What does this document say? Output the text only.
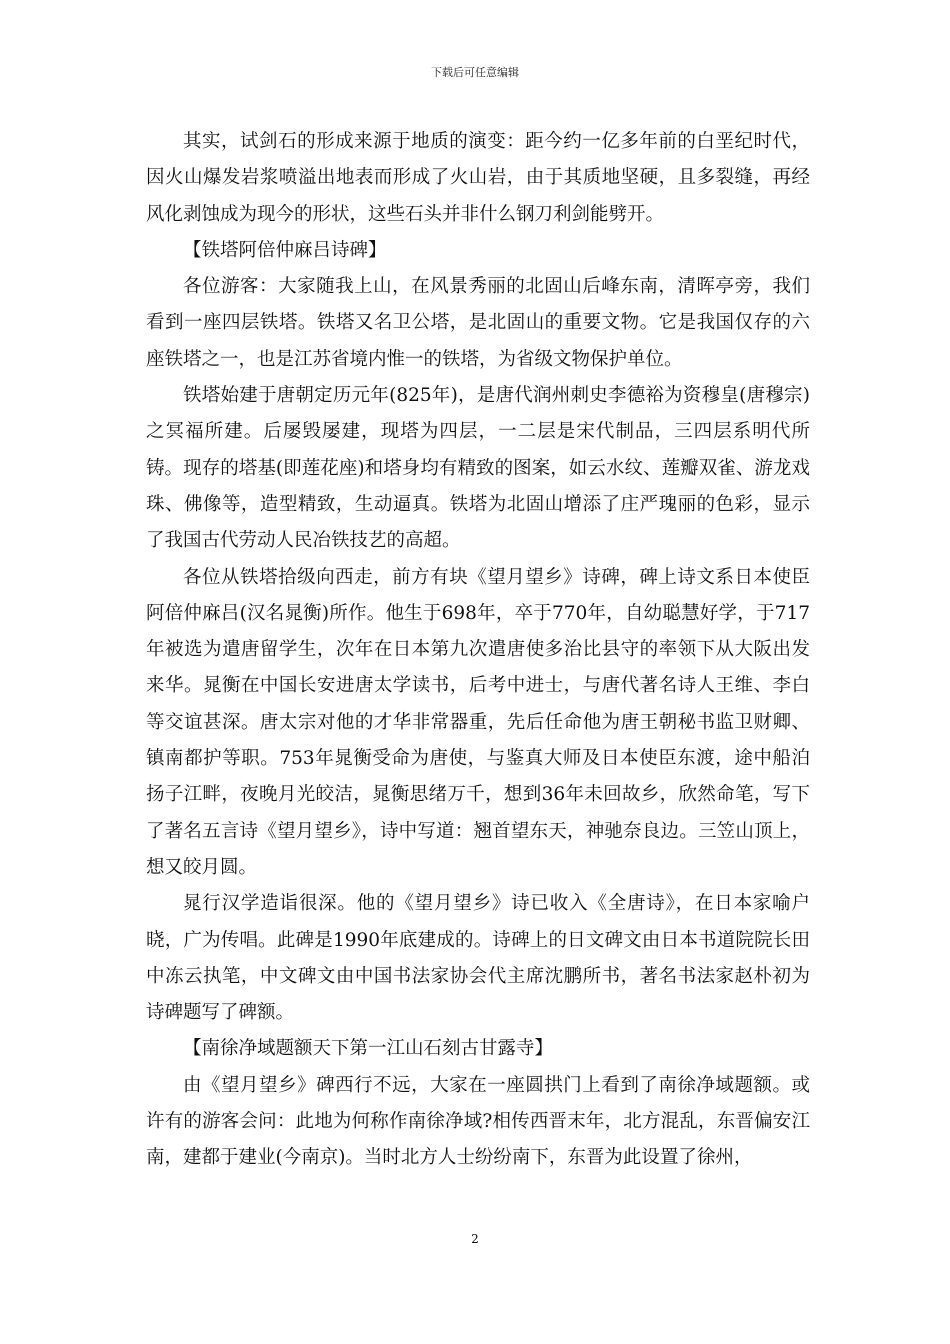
下载后可任意编辑

其实，试剑石的形成来源于地质的演变：距今约一亿多年前的白垩纪时代，因火山爆发岩浆喷溢出地表而形成了火山岩，由于其质地坚硬，且多裂缝，再经风化剥蚀成为现今的形状，这些石头并非什么钢刀利剑能劈开。

【铁塔阿倍仲麻吕诗碑】

各位游客：大家随我上山，在风景秀丽的北固山后峰东南，清晖亭旁，我们看到一座四层铁塔。铁塔又名卫公塔，是北固山的重要文物。它是我国仅存的六座铁塔之一，也是江苏省境内惟一的铁塔，为省级文物保护单位。

铁塔始建于唐朝定历元年(825年)，是唐代润州刺史李德裕为资穆皇(唐穆宗)之冥福所建。后屡毁屡建，现塔为四层，一二层是宋代制品，三四层系明代所铸。现存的塔基(即莲花座)和塔身均有精致的图案，如云水纹、莲瓣双雀、游龙戏珠、佛像等，造型精致，生动逼真。铁塔为北固山增添了庄严瑰丽的色彩，显示了我国古代劳动人民冶铁技艺的高超。

各位从铁塔拾级向西走，前方有块《望月望乡》诗碑，碑上诗文系日本使臣阿倍仲麻吕(汉名晁衡)所作。他生于698年，卒于770年，自幼聪慧好学，于717年被选为遣唐留学生，次年在日本第九次遣唐使多治比县守的率领下从大阪出发来华。晁衡在中国长安进唐太学读书，后考中进士，与唐代著名诗人王维、李白等交谊甚深。唐太宗对他的才华非常器重，先后任命他为唐王朝秘书监卫财卿、镇南都护等职。753年晁衡受命为唐使，与鉴真大师及日本使臣东渡，途中船泊扬子江畔，夜晚月光皎洁，晁衡思绪万千，想到36年未回故乡，欣然命笔，写下了著名五言诗《望月望乡》，诗中写道：翘首望东天，神驰奈良边。三笠山顶上，想又皎月圆。

晁行汉学造诣很深。他的《望月望乡》诗已收入《全唐诗》，在日本家喻户晓，广为传唱。此碑是1990年底建成的。诗碑上的日文碑文由日本书道院院长田中冻云执笔，中文碑文由中国书法家协会代主席沈鹏所书，著名书法家赵朴初为诗碑题写了碑额。

【南徐净域题额天下第一江山石刻古甘露寺】

由《望月望乡》碑西行不远，大家在一座圆拱门上看到了南徐净域题额。或许有的游客会问：此地为何称作南徐净域?相传西晋末年，北方混乱，东晋偏安江南，建都于建业(今南京)。当时北方人士纷纷南下，东晋为此设置了徐州，

2
